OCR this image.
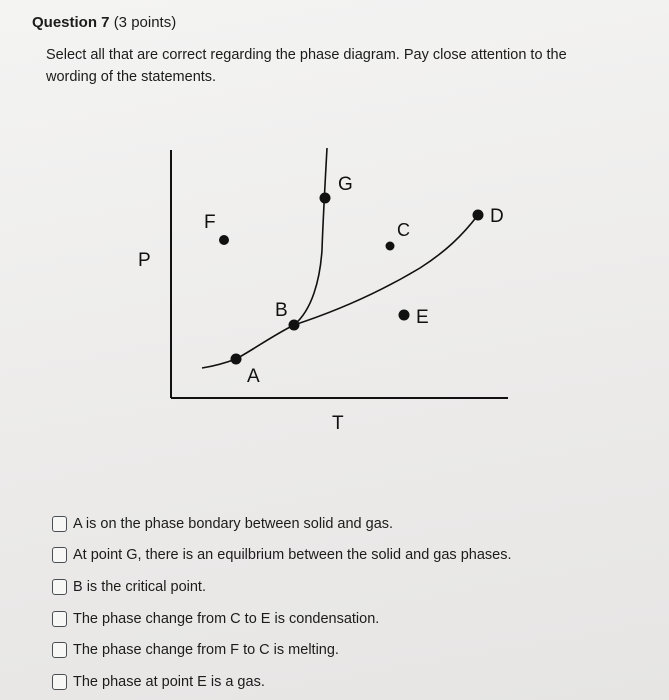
Question 7 (3 points)
Select all that are correct regarding the phase diagram. Pay close attention to the wording of the statements.
P
T
A
B
C
D
E
F
G
A is on the phase bondary between solid and gas.
At point G, there is an equilbrium between the solid and gas phases.
B is the critical point.
The phase change from C to E is condensation.
The phase change from F to C is melting.
The phase at point E is a gas.
